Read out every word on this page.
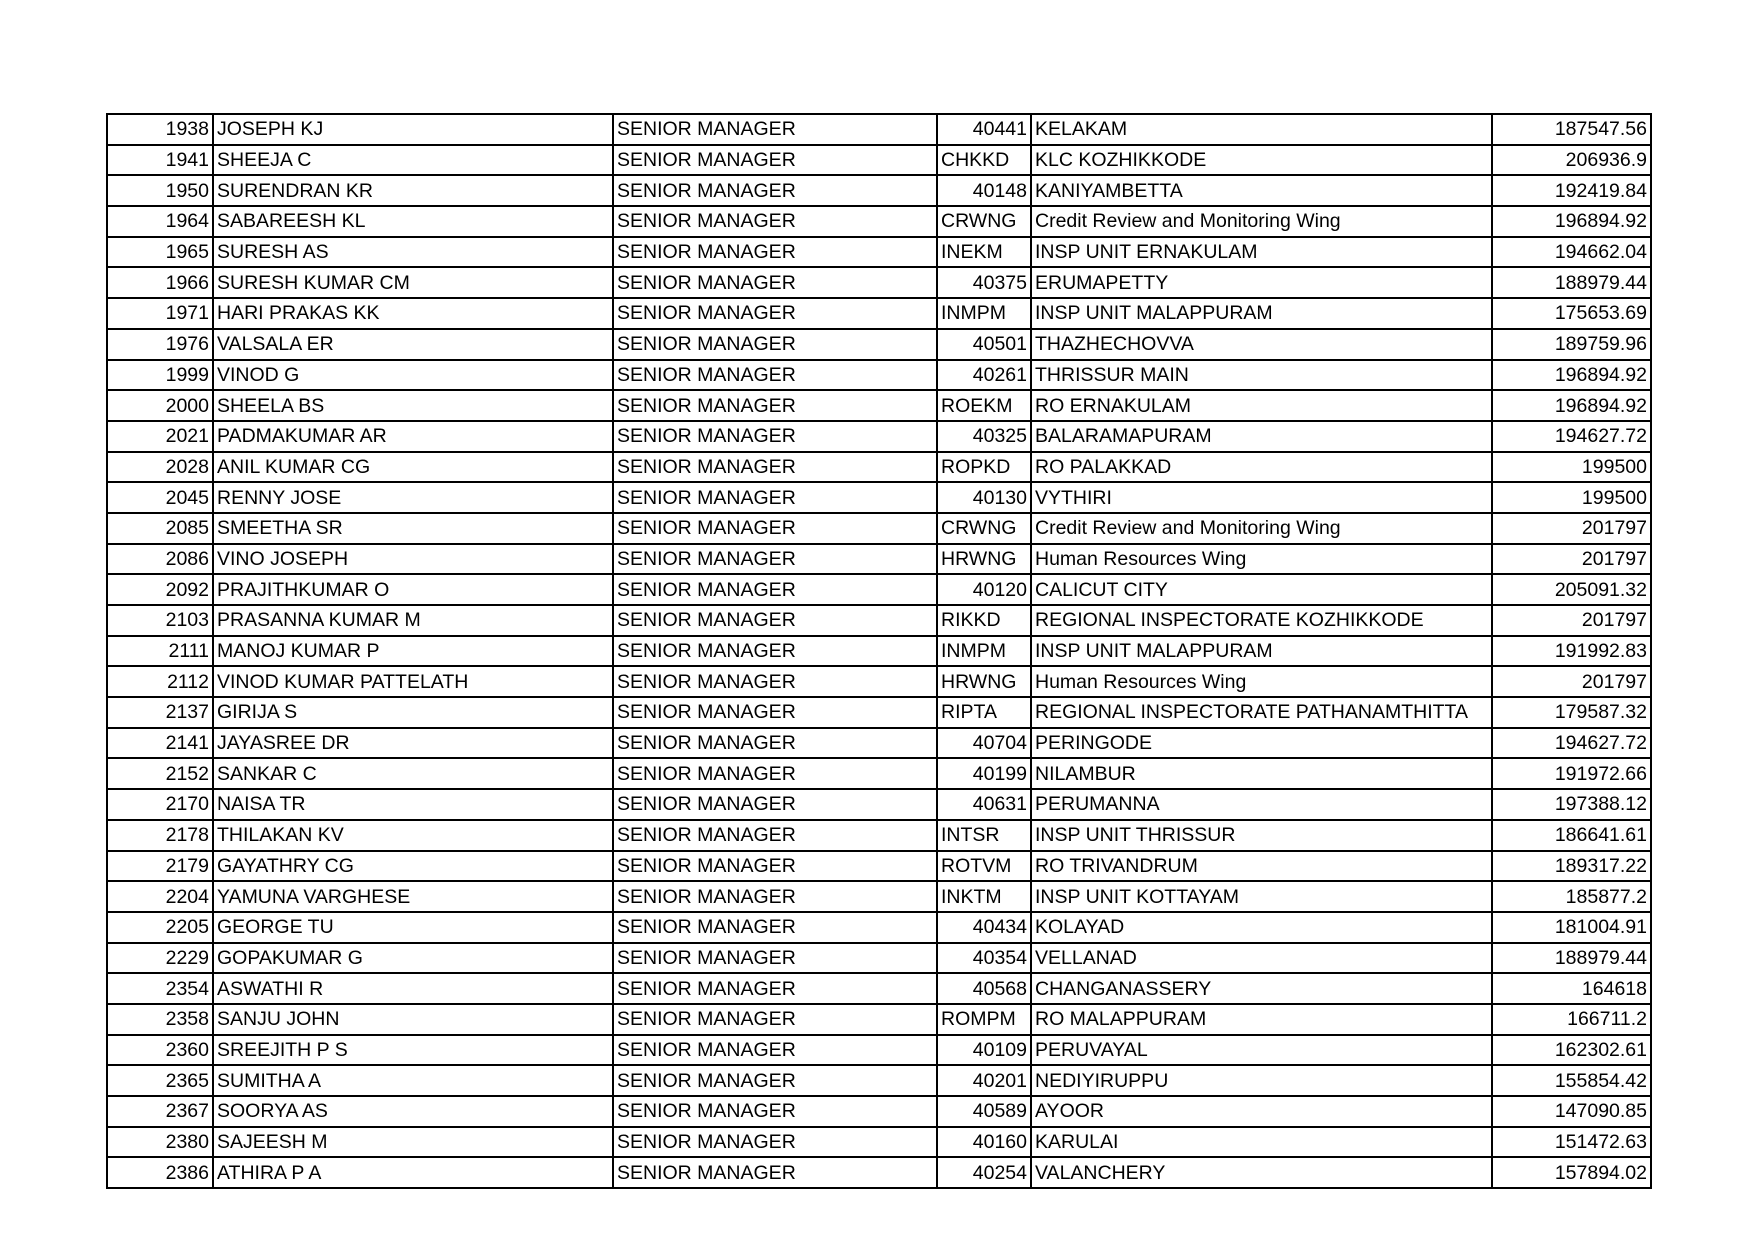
1938	JOSEPH KJ	SENIOR MANAGER	40441	KELAKAM	187547.56
1941	SHEEJA C	SENIOR MANAGER	CHKKD	KLC KOZHIKKODE	206936.9
1950	SURENDRAN KR	SENIOR MANAGER	40148	KANIYAMBETTA	192419.84
1964	SABAREESH KL	SENIOR MANAGER	CRWNG	Credit Review and Monitoring Wing	196894.92
1965	SURESH AS	SENIOR MANAGER	INEKM	INSP UNIT ERNAKULAM	194662.04
1966	SURESH KUMAR CM	SENIOR MANAGER	40375	ERUMAPETTY	188979.44
1971	HARI PRAKAS KK	SENIOR MANAGER	INMPM	INSP UNIT MALAPPURAM	175653.69
1976	VALSALA ER	SENIOR MANAGER	40501	THAZHECHOVVA	189759.96
1999	VINOD G	SENIOR MANAGER	40261	THRISSUR MAIN	196894.92
2000	SHEELA BS	SENIOR MANAGER	ROEKM	RO ERNAKULAM	196894.92
2021	PADMAKUMAR AR	SENIOR MANAGER	40325	BALARAMAPURAM	194627.72
2028	ANIL KUMAR CG	SENIOR MANAGER	ROPKD	RO PALAKKAD	199500
2045	RENNY JOSE	SENIOR MANAGER	40130	VYTHIRI	199500
2085	SMEETHA SR	SENIOR MANAGER	CRWNG	Credit Review and Monitoring Wing	201797
2086	VINO JOSEPH	SENIOR MANAGER	HRWNG	Human Resources Wing	201797
2092	PRAJITHKUMAR O	SENIOR MANAGER	40120	CALICUT CITY	205091.32
2103	PRASANNA KUMAR M	SENIOR MANAGER	RIKKD	REGIONAL INSPECTORATE KOZHIKKODE	201797
2111	MANOJ KUMAR P	SENIOR MANAGER	INMPM	INSP UNIT MALAPPURAM	191992.83
2112	VINOD KUMAR PATTELATH	SENIOR MANAGER	HRWNG	Human Resources Wing	201797
2137	GIRIJA S	SENIOR MANAGER	RIPTA	REGIONAL INSPECTORATE PATHANAMTHITTA	179587.32
2141	JAYASREE DR	SENIOR MANAGER	40704	PERINGODE	194627.72
2152	SANKAR C	SENIOR MANAGER	40199	NILAMBUR	191972.66
2170	NAISA TR	SENIOR MANAGER	40631	PERUMANNA	197388.12
2178	THILAKAN KV	SENIOR MANAGER	INTSR	INSP UNIT THRISSUR	186641.61
2179	GAYATHRY CG	SENIOR MANAGER	ROTVM	RO TRIVANDRUM	189317.22
2204	YAMUNA VARGHESE	SENIOR MANAGER	INKTM	INSP UNIT KOTTAYAM	185877.2
2205	GEORGE TU	SENIOR MANAGER	40434	KOLAYAD	181004.91
2229	GOPAKUMAR G	SENIOR MANAGER	40354	VELLANAD	188979.44
2354	ASWATHI R	SENIOR MANAGER	40568	CHANGANASSERY	164618
2358	SANJU JOHN	SENIOR MANAGER	ROMPM	RO MALAPPURAM	166711.2
2360	SREEJITH P S	SENIOR MANAGER	40109	PERUVAYAL	162302.61
2365	SUMITHA A	SENIOR MANAGER	40201	NEDIYIRUPPU	155854.42
2367	SOORYA AS	SENIOR MANAGER	40589	AYOOR	147090.85
2380	SAJEESH M	SENIOR MANAGER	40160	KARULAI	151472.63
2386	ATHIRA P A	SENIOR MANAGER	40254	VALANCHERY	157894.02
